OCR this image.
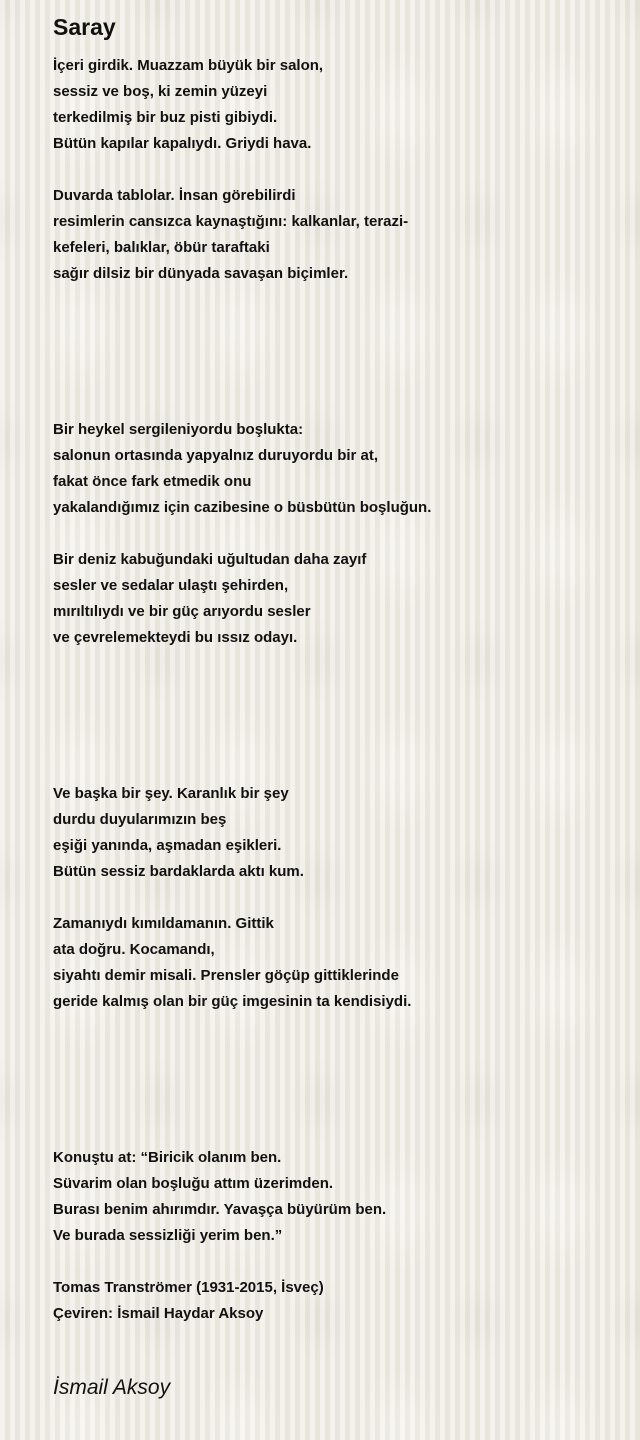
Saray
İçeri girdik. Muazzam büyük bir salon,
sessiz ve boş, ki zemin yüzeyi
terkedilmiş bir buz pisti gibiydi.
Bütün kapılar kapalıydı. Griydi hava.
Duvarda tablolar. İnsan görebilirdi
resimlerin cansızca kaynaştığını: kalkanlar, terazi-
kefeleri, balıklar, öbür taraftaki
sağır dilsiz bir dünyada savaşan biçimler.
Bir heykel sergileniyordu boşlukta:
salonun ortasında yapyalnız duruyordu bir at,
fakat önce fark etmedik onu
yakalandığımız için cazibesine o büsbütün boşluğun.
Bir deniz kabuğundaki uğultudan daha zayıf
sesler ve sedalar ulaştı şehirden,
mırıltılıydı ve bir güç arıyordu sesler
ve çevrelemekteydi bu ıssız odayı.
Ve başka bir şey. Karanlık bir şey
durdu duyularımızın beş
eşiği yanında, aşmadan eşikleri.
Bütün sessiz bardaklarda aktı kum.
Zamanıydı kımıldamanın. Gittik
ata doğru. Kocamandı,
siyahtı demir misali. Prensler göçüp gittiklerinde
geride kalmış olan bir güç imgesinin ta kendisiydi.
Konuştu at: “Biricik olanım ben.
Süvarim olan boşluğu attım üzerimden.
Burası benim ahırımdır. Yavaşça büyürüm ben.
Ve burada sessizliği yerim ben.”
Tomas Tranströmer (1931-2015, İsveç)
Çeviren: İsmail Haydar Aksoy
İsmail Aksoy
